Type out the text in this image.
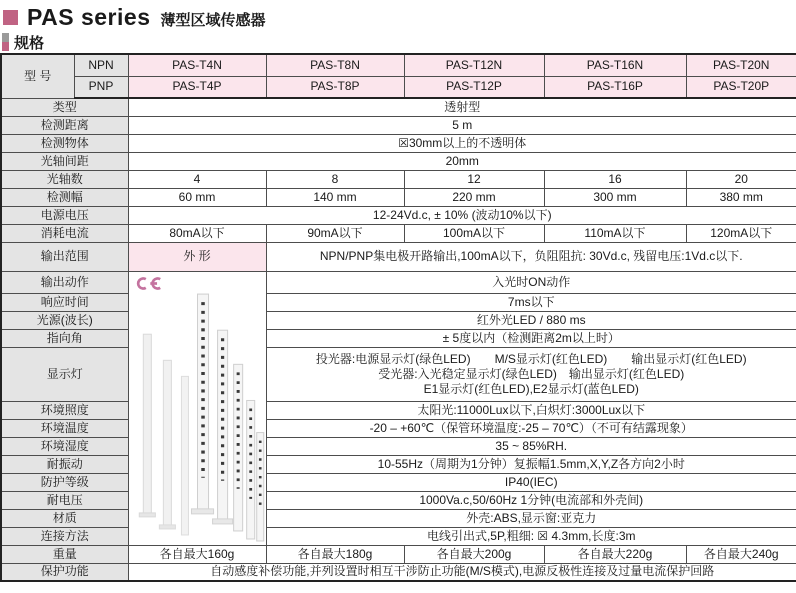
PAS series 薄型区域传感器
规格
型 号	NPN	PAS-T4N	PAS-T8N	PAS-T12N	PAS-T16N	PAS-T20N
	PNP	PAS-T4P	PAS-T8P	PAS-T12P	PAS-T16P	PAS-T20P
类型		透射型				
检测距离		5 m				
检测物体		☒30mm以上的不透明体				
光轴间距		20mm				
光轴数		4	8	12	16	20
检测幅		60 mm	140 mm	220 mm	300 mm	380 mm
电源电压		12-24Vd.c, ± 10% (波动10%以下)				
消耗电流		80mA以下	90mA以下	100mA以下	110mA以下	120mA以下
输出范围		外 形	NPN/PNP集电极开路输出,100mA以下，负阻阻抗: 30Vd.c, 残留电压:1Vd.c以下.			
输出动作			入光时ON动作			
响应时间			7ms以下			
光源(波长)			红外光LED / 880 ms			
指向角			± 5度以内（检测距离2m以上时）			
显示灯			投光器:电源显示灯(绿色LED)　　M/S显示灯(红色LED)　　输出显示灯(红色LED)
受光器:入光稳定显示灯(绿色LED)　输出显示灯(红色LED)
E1显示灯(红色LED),E2显示灯(蓝色LED)			

环境照度			太阳光:11000Lux以下,白炽灯:3000Lux以下			
环境温度			-20 – +60℃（保管环境温度:-25 – 70℃）（不可有结露现象）			
环境湿度			35 ~ 85%RH.			
耐振动			10-55Hz（周期为1分钟）复振幅1.5mm,X,Y,Z各方向2小时			
防护等级			IP40(IEC)			
耐电压			1000Va.c,50/60Hz 1分钟(电流部和外壳间)			
材质			外壳:ABS,显示窗:亚克力			
连接方法			电线引出式,5P,粗细: ☒ 4.3mm,长度:3m			
重量		各自最大160g	各自最大180g	各自最大200g	各自最大220g	各自最大240g
保护功能		自动感度补偿功能,并列设置时相互干涉防止功能(M/S模式),电源反极性连接及过量电流保护回路				
